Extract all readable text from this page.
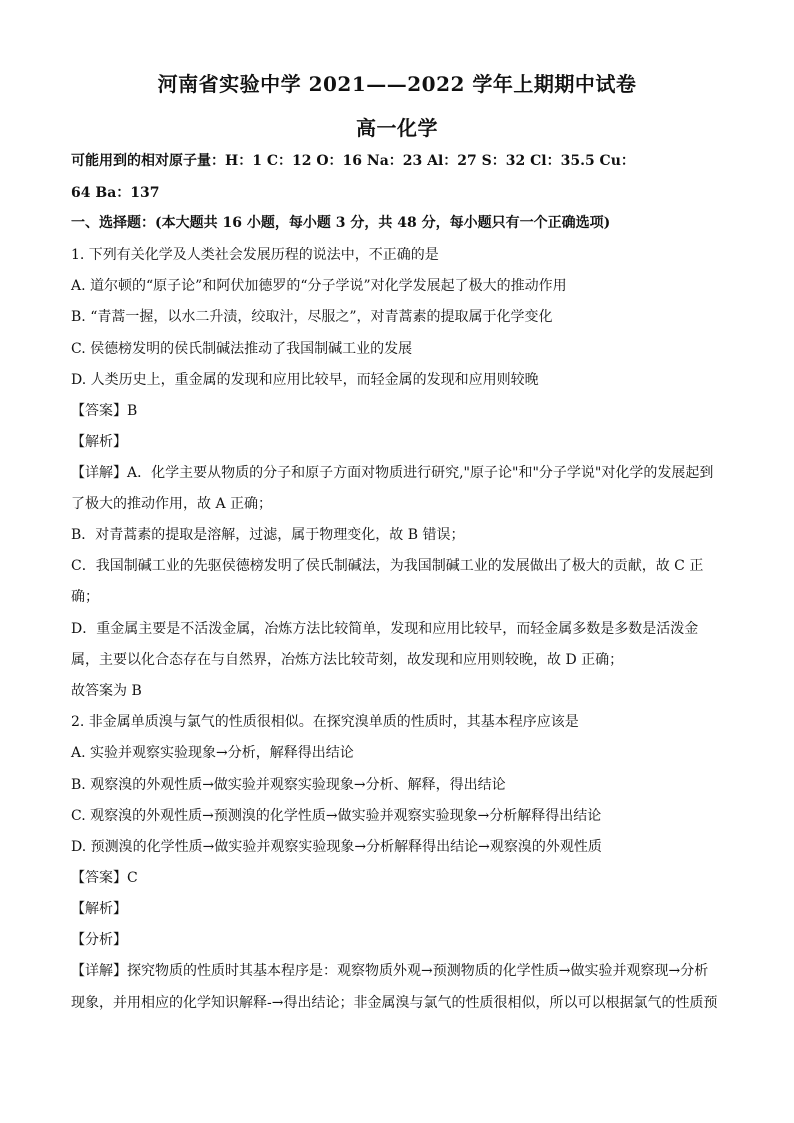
河南省实验中学 2021——2022 学年上期期中试卷
高一化学
可能用到的相对原子量：H：1 C：12 O：16 Na：23 Al：27 S：32 Cl：35.5 Cu：
64 Ba：137
一、选择题：(本大题共 16 小题，每小题 3 分，共 48 分，每小题只有一个正确选项)
1. 下列有关化学及人类社会发展历程的说法中，不正确的是
A. 道尔顿的“原子论”和阿伏加德罗的“分子学说”对化学发展起了极大的推动作用
B. “青蒿一握，以水二升渍，绞取汁，尽服之”，对青蒿素的提取属于化学变化
C. 侯德榜发明的侯氏制碱法推动了我国制碱工业的发展
D. 人类历史上，重金属的发现和应用比较早，而轻金属的发现和应用则较晚
【答案】B
【解析】
【详解】A．化学主要从物质的分子和原子方面对物质进行研究,"原子论"和"分子学说"对化学的发展起到
了极大的推动作用，故 A 正确；
B．对青蒿素的提取是溶解，过滤，属于物理变化，故 B 错误；
C．我国制碱工业的先驱侯德榜发明了侯氏制碱法，为我国制碱工业的发展做出了极大的贡献，故 C 正
确；
D．重金属主要是不活泼金属，冶炼方法比较简单，发现和应用比较早，而轻金属多数是多数是活泼金
属，主要以化合态存在与自然界，冶炼方法比较苛刻，故发现和应用则较晚，故 D 正确；
故答案为 B
2. 非金属单质溴与氯气的性质很相似。在探究溴单质的性质时，其基本程序应该是
A. 实验并观察实验现象→分析，解释得出结论
B. 观察溴的外观性质→做实验并观察实验现象→分析、解释，得出结论
C. 观察溴的外观性质→预测溴的化学性质→做实验并观察实验现象→分析解释得出结论
D. 预测溴的化学性质→做实验并观察实验现象→分析解释得出结论→观察溴的外观性质
【答案】C
【解析】
【分析】
【详解】探究物质的性质时其基本程序是：观察物质外观→预测物质的化学性质→做实验并观察现→分析
现象，并用相应的化学知识解释-→得出结论；非金属溴与氯气的性质很相似，所以可以根据氯气的性质预
